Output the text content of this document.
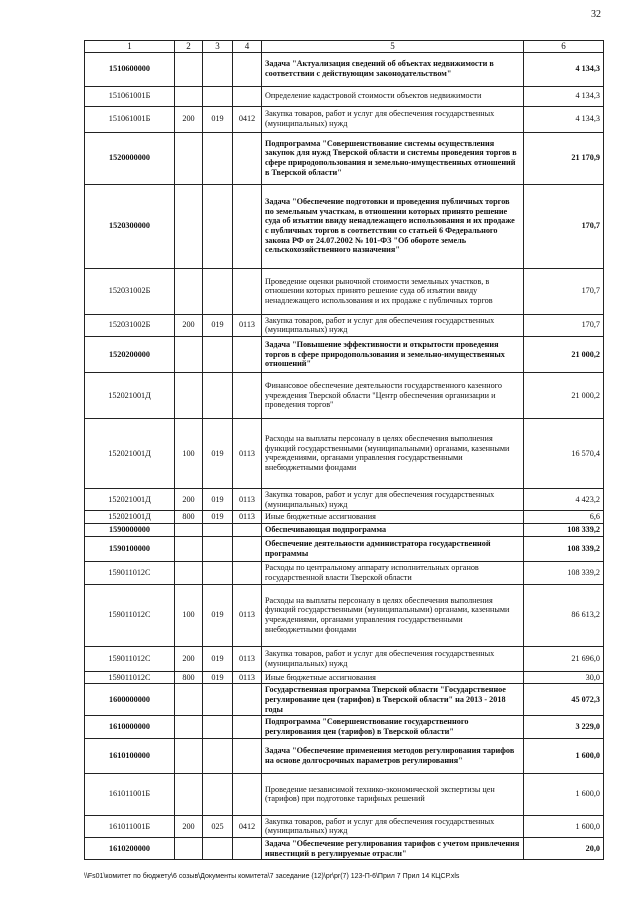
32
1	2	3	4	5	6
1510600000				Задача "Актуализация сведений об объектах недвижимости в соответствии с действующим законодательством"	4 134,3
151061001Б				Определение кадастровой стоимости объектов недвижимости	4 134,3
151061001Б	200	019	0412	Закупка товаров, работ и услуг для обеспечения государственных (муниципальных) нужд	4 134,3
1520000000				Подпрограмма "Совершенствование системы осуществления закупок для нужд Тверской области и системы проведения торгов в сфере природопользования и земельно-имущественных отношений в Тверской области"	21 170,9
1520300000				Задача "Обеспечение подготовки и проведения публичных торгов по земельным участкам, в отношении которых принято решение суда об изъятии ввиду ненадлежащего использования и их продаже с публичных торгов в соответствии со статьей 6 Федерального закона РФ от 24.07.2002 № 101-ФЗ "Об обороте земель сельскохозяйственного назначения"	170,7
152031002Б				Проведение оценки рыночной стоимости земельных участков, в отношении которых принято решение суда об изъятии ввиду ненадлежащего использования и их продаже с публичных торгов	170,7
152031002Б	200	019	0113	Закупка товаров, работ и услуг для обеспечения государственных (муниципальных) нужд	170,7
1520200000				Задача "Повышение эффективности и открытости проведения торгов в сфере природопользования и земельно-имущественных отношений"	21 000,2
152021001Д				Финансовое обеспечение деятельности государственного казенного учреждения Тверской области "Центр обеспечения организации и проведения торгов"	21 000,2
152021001Д	100	019	0113	Расходы на выплаты персоналу в целях обеспечения выполнения функций государственными (муниципальными) органами, казенными учреждениями, органами управления государственными внебюджетными фондами	16 570,4
152021001Д	200	019	0113	Закупка товаров, работ и услуг для обеспечения государственных (муниципальных) нужд	4 423,2
152021001Д	800	019	0113	Иные бюджетные ассигнования	6,6
1590000000				Обеспечивающая подпрограмма	108 339,2
1590100000				Обеспечение деятельности администратора государственной программы	108 339,2
159011012С				Расходы по центральному аппарату исполнительных органов государственной власти Тверской области	108 339,2
159011012С	100	019	0113	Расходы на выплаты персоналу в целях обеспечения выполнения функций государственными (муниципальными) органами, казенными учреждениями, органами управления государственными внебюджетными фондами	86 613,2
159011012С	200	019	0113	Закупка товаров, работ и услуг для обеспечения государственных (муниципальных) нужд	21 696,0
159011012С	800	019	0113	Иные бюджетные ассигнования	30,0
1600000000				Государственная программа Тверской области "Государственное регулирование цен (тарифов) в Тверской области" на 2013 - 2018 годы	45 072,3
1610000000				Подпрограмма "Совершенствование государственного регулирования цен (тарифов) в Тверской области"	3 229,0
1610100000				Задача "Обеспечение применения методов регулирования тарифов на основе долгосрочных параметров регулирования"	1 600,0
161011001Б				Проведение независимой технико-экономической экспертизы цен (тарифов) при подготовке тарифных решений	1 600,0
161011001Б	200	025	0412	Закупка товаров, работ и услуг для обеспечения государственных (муниципальных) нужд	1 600,0
1610200000				Задача "Обеспечение регулирования тарифов с учетом привлечения инвестиций в регулируемые отрасли"	20,0
\\Fs01\комитет по бюджету\6 созыв\Документы комитета\7 заседание (12)\pr\pr(7) 123-П-6\Прил 7 Прил 14 КЦСР.xls
